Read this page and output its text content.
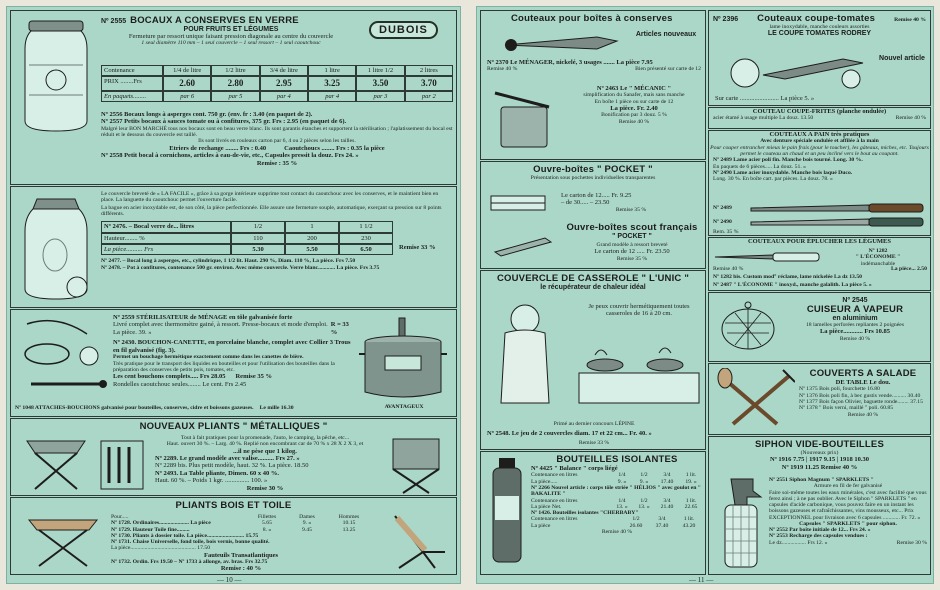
DUBOIS
Nº 2555 BOCAUX A CONSERVES EN VERRE
POUR FRUITS ET LÉGUMES
Fermeture par ressort unique faisant pression diagonale au centre du couvercle
1 seul diamètre 110 mm – 1 seul couvercle – 1 seul ressort – 1 seul caoutchouc
Contenance	1/4 de litre	1/2 litre	3/4 de litre	1 litre	1 litre 1/2	2 litres
PRIX ........Frs	2.60	2.80	2.95	3.25	3.50	3.70
En paquets........	par 6	par 5	par 4	par 4	par 3	par 2
Nº 2556 Bocaux longs à asperges cont. 750 gr. (env. fr : 3.40 (en paquet de 2).
Nº 2557 Petits bocaux à sauces tomate ou à confitures, 375 gr. Frs : 2.95 (en paquet de 6).
Malgré leur BON MARCHÉ tous nos bocaux sont en beau verre blanc. Ils sont garantis étanches et supportent la stérilisation ; l'aplatissement du bocal est réduit et le dessous du couvercle est taillé.
Ils sont livrés en rouleaux carton par 6, 4 ou 2 pièces selon les tailles.
Etriers de rechange ........ Frs : 0.40	Caoutchoucs ........ Frs : 0.35 la pièce
Nº 2558 Petit bocal à cornichons, articles à eau-de-vie, etc., Capsules pressit la douz. Frs 24. »
Remise : 35 %
Le couvercle breveté de « LA FACILE », grâce à sa gorge intérieure supprime tout contact du caoutchouc avec les conserves, et le maintient bien en place. La languette du caoutchouc permet l'ouverture facile.
La bague en acier inoxydable est, de son côté, la pièce perfectionnée. Elle assure une fermeture souple, automatique, exerçant sa pression sur 8 points différents.
Nº 2476. – Bocal verre de... litres	1/2	1	1 1/2
Hauteur........ %	110	200	230
La pièce.......... Frs	5.30	5.50	6.50	Remise 33 %
Nº 2477. – Bocal long à asperges, etc., cylindrique, 1 1/2 lit. Haut. 290 %, Diam. 110 %, La pièce. Frs 7.50
Nº 2478. – Pot à confitures, contenance 500 gr. environ. Avec même couvercle. Verre blanc............ La pièce. Frs 3.75
Nº 2559 STÉRILISATEUR de MÉNAGE en tôle galvanisée forte
Livré complet avec thermomètre gainé, à ressort. Presse-bocaux et mode d'emploi. La pièce. 39. »
R = 33 %
Nº 2430. BOUCHON-CANETTE, en porcelaine blanche, complet avec Collier 3 Trous en fil galvanisé (fig. 3).
Permet un bouchage hermétique exactement comme dans les canettes de bière.
Très pratique pour le transport des liquides en bouteilles et pour l'utilisation des bouteilles dans la préparation des conserves de petits pois, tomates, etc.
Les cent bouchons complets..... Frs 28.05 Remise 35 %
Rondelles caoutchouc seules........ Le cent. Frs 2.45
AVANTAGEUX
Nº 1048 ATTACHES-BOUCHONS galvanisé pour bouteilles, conserves, cidre et boissons gazeuses. Le mille 16.30
NOUVEAUX PLIANTS " MÉTALLIQUES "
Tout à fait pratiques pour la promenade, l'auto, le camping, la pêche, etc...
Haut. ouvert 30 %. – Larg. 40 %. Replié non encombrant car de 70 % x 28 X 2 X 3, et
...il ne pèse que 1 kilog.
Nº 2289. Le grand modèle avec valise.......... Frs 27. »
Nº 2289 bis. Plus petit modèle, haut. 32 %. La pièce. 18.50
Nº 2493. La Table pliante, Dimen. 60 x 40 %.
Haut. 60 %. – Poids 1 kgr. ............... 100. »
Remise 30 %
PLIANTS BOIS ET TOILE
Pour.....	Fillettes	Dames	Hommes
Nº 1728. Ordinaires..................... La pièce	5.65	9. »	10.15
Nº 1729. Hauteur Toile fine.........	8. »	9.45	13.25
Nº 1730. Pliants à dossier toile. La pièce.......................... 15.75
Nº 1731. Chaise Universelle, fond toile, bois vernis, bonne qualité.
La pièce.............................................. 17.50
Fauteuils Transatlantiques
Nº 1732. Ordin. Frs 19.50 – Nº 1733 à allonge, av. bras. Frs 32.75
Remise : 40 %
— 10 —
Couteaux pour boîtes à conserves
Articles nouveaux
Nº 2370 Le MÉNAGER, nickelé, 3 usages ....... La pièce 7.95
Remise 40 %	Bien présenté sur carte de 12
Nº 2463 Le " MÉCANIC "
simplification du Sanafer, mais sans manche
En boîte 1 pièce ou sur carte de 12
La pièce. Fr. 2.40
Bonification par 3 douz. 5 %
Remise 40 %
Ouvre-boîtes " POCKET "
Présentation sous pochettes individuelles transparentes
Le carton de 12..... Fr. 9.25
– de 30..... – 23.50
Remise 35 %
Ouvre-boîtes scout français
" POCKET "
Grand modèle à ressort breveté
Le carton de 12 ..... Fr. 23.50
Remise 35 %
COUVERCLE DE CASSEROLE " L'UNIC "
le récupérateur de chaleur idéal
Je peux couvrir hermétiquement toutes casseroles de 16 à 20 cm.
Primé au dernier concours LÉPINE
Nº 2548. Le jeu de 2 couvercles diam. 17 et 22 cm... Fr. 40. »
Remise 33 %
BOUTEILLES ISOLANTES
Nº 4425 " Balance " corps liégé
Contenance en litres	1/4	1/2	3/4	1 lit.
La pièce.....	9. »	9. »	17.40	19. »
Nº 2266 Nouvel article : corps tôle striée " HÉLIOS " avec goulot en " BAKALITE "
Contenance en litres	1/4	1/2	3/4	1 lit.
La pièce Net.	13. »	13. »	21.40	22.65
Nº 1426. Bouteilles isolantes "CHERBABY"
Contenance en litres	1/2	3/4	1 lit.
La pièce	26.60	37.40	43.20
Remise 40 %
Nº 2396 Couteaux coupe-tomates	Remise 40 %
lame inoxydable, manche couleurs assorties
LE COUPE TOMATES RODREY
Nouvel article
Sur carte ........................ La pièce 5. »
COUTEAU COUPE-FRITES (planche ondulée)
acier étamé à usage multiple La douz. 13.50	Remise 40 %
COUTEAUX A PAIN très pratiques
Avec denture spéciale ondulée et affilée à la main
Pour couper entrancher mieux le pain frais (pour le toucher), les gâteaux, miches, etc. Toujours permet le couteau un chaud et un peu incliné vers le bout au coupant.
Nº 2489 Lame acier poli fin. Manche bois tourné. Long. 30 %.
En paquets de 6 pièces..... La douz. 51. »
Nº 2490 Lame acier inoxydable. Manche bois laqué Duco.
Long. 30 %. En boîte cart. par pièces. La douz. 78. »
Nº 2489
Nº 2490
Rem. 35 %
COUTEAUX POUR ÉPLUCHER LES LÉGUMES
Nº 1282
" L'ÉCONOME "
indémanchable
Remise 40 %	La pièce... 2.50
Nº 1282 bis. Custom mod° réclame, lame nickelée La dz 13.50
Nº 2487 " L'ÉCONOME " inoxyd., manche galalith. La pièce 5. »
Nº 2545
CUISEUR A VAPEUR
en aluminium
18 lamelles perforées repliantes 2 poignées
La pièce............ Frs 10.85
Remise 40 %
COUVERTS A SALADE
DE TABLE Le dou.
Nº 1375 Bois poli, fourchette 16.80
Nº 1376 Bois poli fin, à bec gustis vende.......... 30.40
Nº 1377 Bois façon Olivier, baguette ronde........ 37.15
Nº 1378 " Bois verni, maillé " poli. 60.85
Remise 40 %
SIPHON VIDE-BOUTEILLES
(Nouveaux prix)
Nº 1916 7.75 | 1917 9.15 | 1918 10.30
Nº 1919 11.25 Remise 40 %
Nº 2551 Siphon Magnum " SPARKLETS "
Armure en fil de fer galvanisé
Faire soi-même toutes les eaux minérales, c'est avec facilité que vous ferez ainsi ; à ne pas oublier. Avec le Siphon " SPARKLETS " en capsules d'acide carbonique, vous pouvez faire en un instant les boissons gazeuses et rafraîchissantes, vins mousseux, etc... Prix EXCEPTIONNEL pour livraison avec 6 capsules ............ Fr. 72. »
Capsules " SPARKLETS " pour siphon.
Nº 2552 Par boîte initiale de 12... Frs 24. »
Nº 2553 Recharge des capsules vendues :
Le dz................. Frs 12. »	Remise 30 %
— 11 —
